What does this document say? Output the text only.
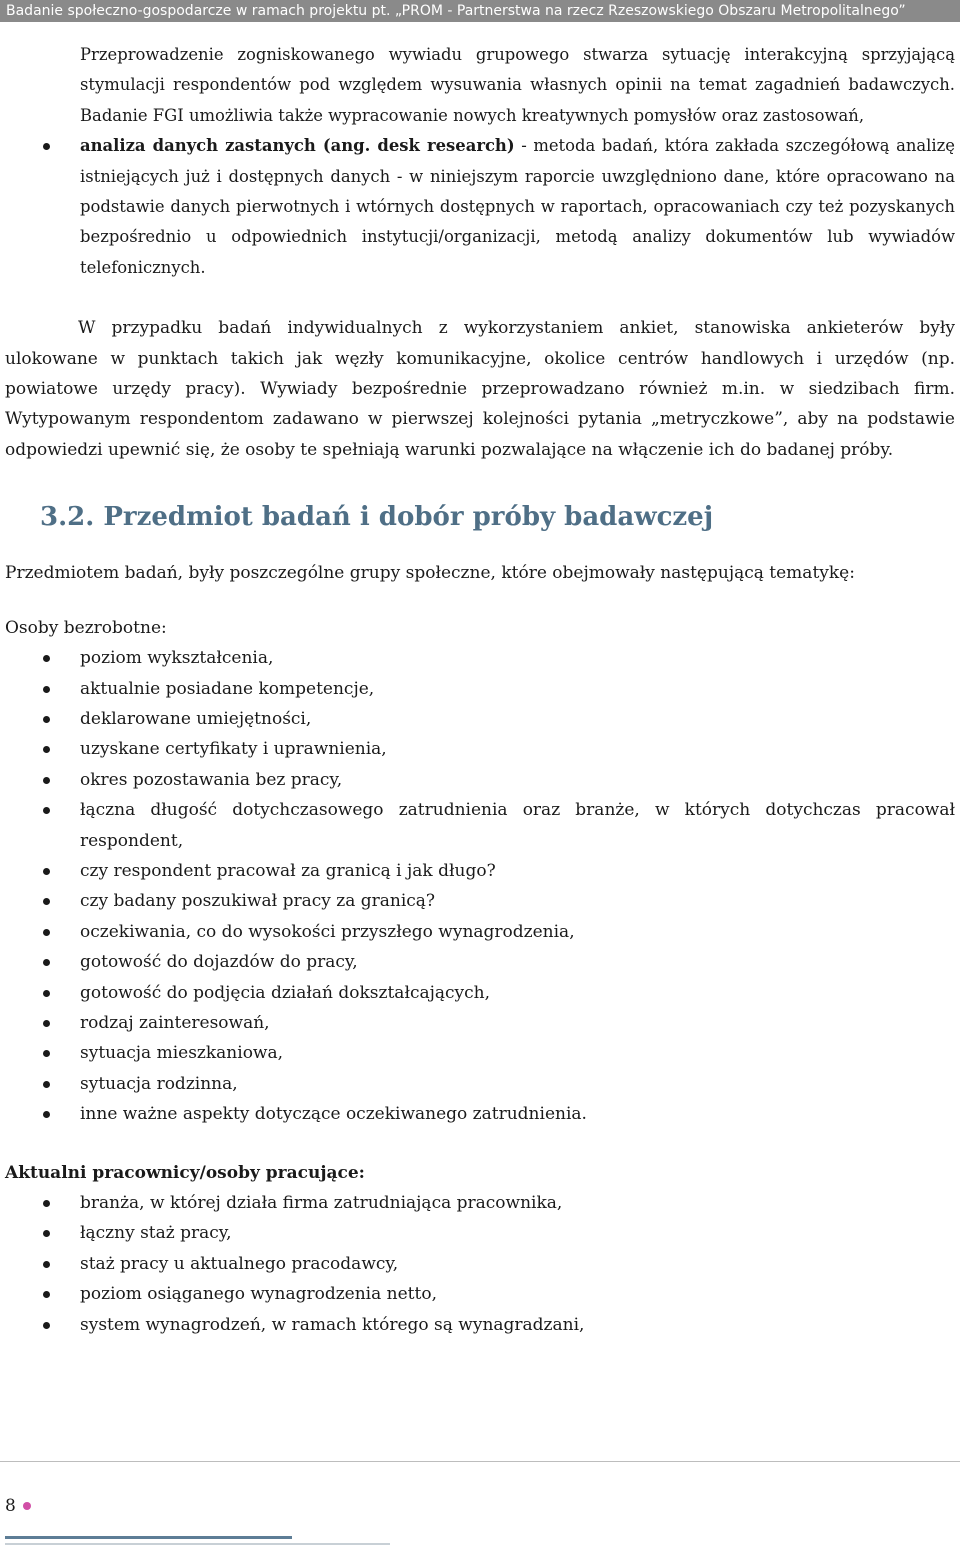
Badanie społeczno-gospodarcze w ramach projektu pt. „PROM - Partnerstwa na rzecz Rzeszowskiego Obszaru Metropolitalnego”
Przeprowadzenie zogniskowanego wywiadu grupowego stwarza sytuację interakcyjną sprzyjającą stymulacji respondentów pod względem wysuwania własnych opinii na temat zagadnień badawczych. Badanie FGI umożliwia także wypracowanie nowych kreatywnych pomysłów oraz zastosowań,
analiza danych zastanych (ang. desk research) - metoda badań, która zakłada szczegółową analizę istniejących już i dostępnych danych - w niniejszym raporcie uwzględniono dane, które opracowano na podstawie danych pierwotnych i wtórnych dostępnych w raportach, opracowaniach czy też pozyskanych bezpośrednio u odpowiednich instytucji/organizacji, metodą analizy dokumentów lub wywiadów telefonicznych.

W przypadku badań indywidualnych z wykorzystaniem ankiet, stanowiska ankieterów były ulokowane w punktach takich jak węzły komunikacyjne, okolice centrów handlowych i urzędów (np. powiatowe urzędy pracy). Wywiady bezpośrednie przeprowadzano również m.in. w siedzibach firm. Wytypowanym respondentom zadawano w pierwszej kolejności pytania „metryczkowe”, aby na podstawie odpowiedzi upewnić się, że osoby te spełniają warunki pozwalające na włączenie ich do badanej próby.

3.2. Przedmiot badań i dobór próby badawczej

Przedmiotem badań, były poszczególne grupy społeczne, które obejmowały następującą tematykę:

Osoby bezrobotne:

poziom wykształcenia,
aktualnie posiadane kompetencje,
deklarowane umiejętności,
uzyskane certyfikaty i uprawnienia,
okres pozostawania bez pracy,
łączna długość dotychczasowego zatrudnienia oraz branże, w których dotychczas pracował respondent,
czy respondent pracował za granicą i jak długo?
czy badany poszukiwał pracy za granicą?
oczekiwania, co do wysokości przyszłego wynagrodzenia,
gotowość do dojazdów do pracy,
gotowość do podjęcia działań dokształcających,
rodzaj zainteresowań,
sytuacja mieszkaniowa,
sytuacja rodzinna,
inne ważne aspekty dotyczące oczekiwanego zatrudnienia.

Aktualni pracownicy/osoby pracujące:

branża, w której działa firma zatrudniająca pracownika,
łączny staż pracy,
staż pracy u aktualnego pracodawcy,
poziom osiąganego wynagrodzenia netto,
system wynagrodzeń, w ramach którego są wynagradzani,
8
